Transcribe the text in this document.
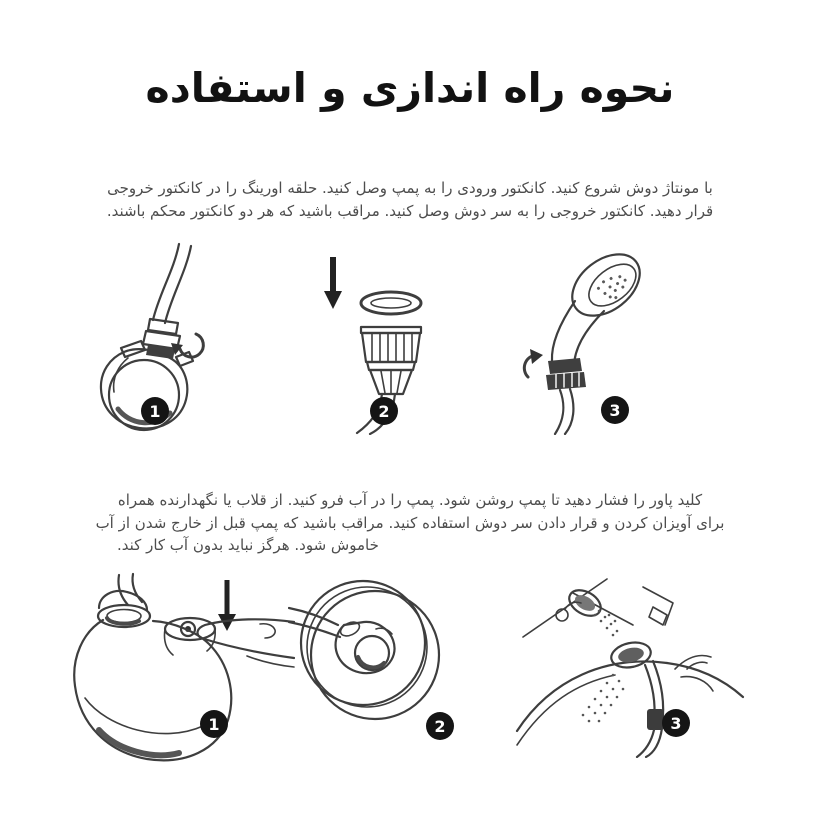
نحوه راه اندازی و استفاده
با مونتاژ دوش شروع کنید. کانکتور ورودی را به پمپ وصل کنید. حلقه اورینگ را در کانکتور خروجی
قرار دهید. کانکتور خروجی را به سر دوش وصل کنید. مراقب باشید که هر دو کانکتور محکم باشند.
1	2	3
کلید پاور را فشار دهید تا پمپ روشن شود. پمپ را در آب فرو کنید. از قلاب یا نگهدارنده همراه
برای آویزان کردن و قرار دادن سر دوش استفاده کنید. مراقب باشید که پمپ قبل از خارج شدن از آب
خاموش شود. هرگز نباید بدون آب کار کند.
1	2	3
